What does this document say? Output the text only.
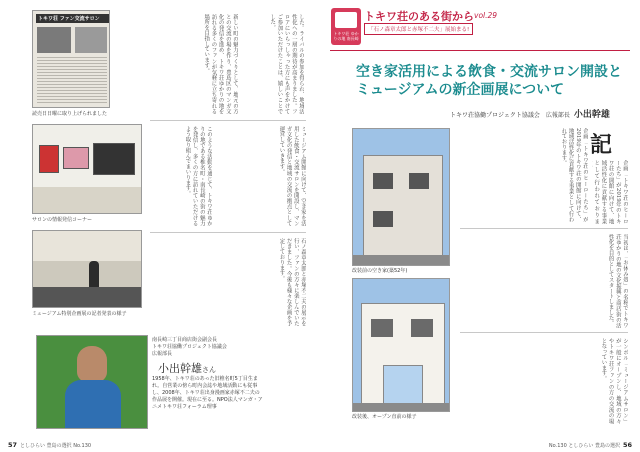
トキワ荘 ファン交流サロン
読売日日曜に取り上げられました
サロンの情報発信コーナー
ミュージアム特別企画展の記者発表の様子
した。ライバルの参加を得られ、地域活性化への一層の期待が高まりました。フロアにいらっしゃった方にも声をかけてご参加いただけたことは、嬉しいことでした。
新しい町の魅力づくりとして、地元の方との交流の場を作り、豊島区のマンガ文化の発信を進め、トキワ荘ゆかりの地を訪れる多くのファンが気軽に立ち寄れる場所を目指しています。
ミュージアム開館に向けて、空き家を活用した飲食・交流サロンを開設し、マンガ文化の発信と地域の交流の拠点として運営していきます。
このような活動を通じて、トキワ荘ゆかりの地である椎名町・南長崎の街の魅力を発信し、多くの方に訪れていただけるよう取り組んでまいります。
石ノ森章太郎と赤塚不二夫の展示を行い、ファンの方々に楽しんでいただきました。今後も様々な企画を予定しております。
南長崎三丁目商店街会副会長
トキワ荘協働プロジェクト協議会
広報部長
小出幹雄さん
1958年、トキワ荘のあった旧椎名町5丁目生まれ。自営業の傍ら町内会誌や地域活動にも従事し、2008年、トキワ荘出身漫画家赤塚不二夫の作品展を開催。現在に至る。NPO法人マンガ・アニメトキワ荘フォーラム理事
57 としひらい 豊島の選択 No.130
トキワ荘 ゆかりの地 南長崎
トキワ荘のある街から vol.29
「石ノ森章太郎と赤塚不二夫」展始まる!
空き家活用による飲食・交流サロン開設と
ミュージアムの新企画展について
トキワ荘協働プロジェクト協議会　広報部長 小出幹雄
改装前の空き家(築52年)
改装後、オープン直前の様子
記
企画「トキワ荘のヒーローたち」が2019年のトキワ荘の開館に向けて、地域活性化に貢献する事業として行われております。	企画「トキワ荘のヒーローたち」が2019年のトキワ荘の開館に向けて、地域活性化に貢献する事業として行われておりま
当初は、「お休み処」の名称でトキワ荘ゆかりの地の文化振興と商店街の活性化を目的としてスタートしました。
シンボル「ミュージアムサロン」が一般にオープンし、地域の方々やトキワ荘ファンの方の交流の場となっています。
No.130 としひらい 豊島の選択 56
